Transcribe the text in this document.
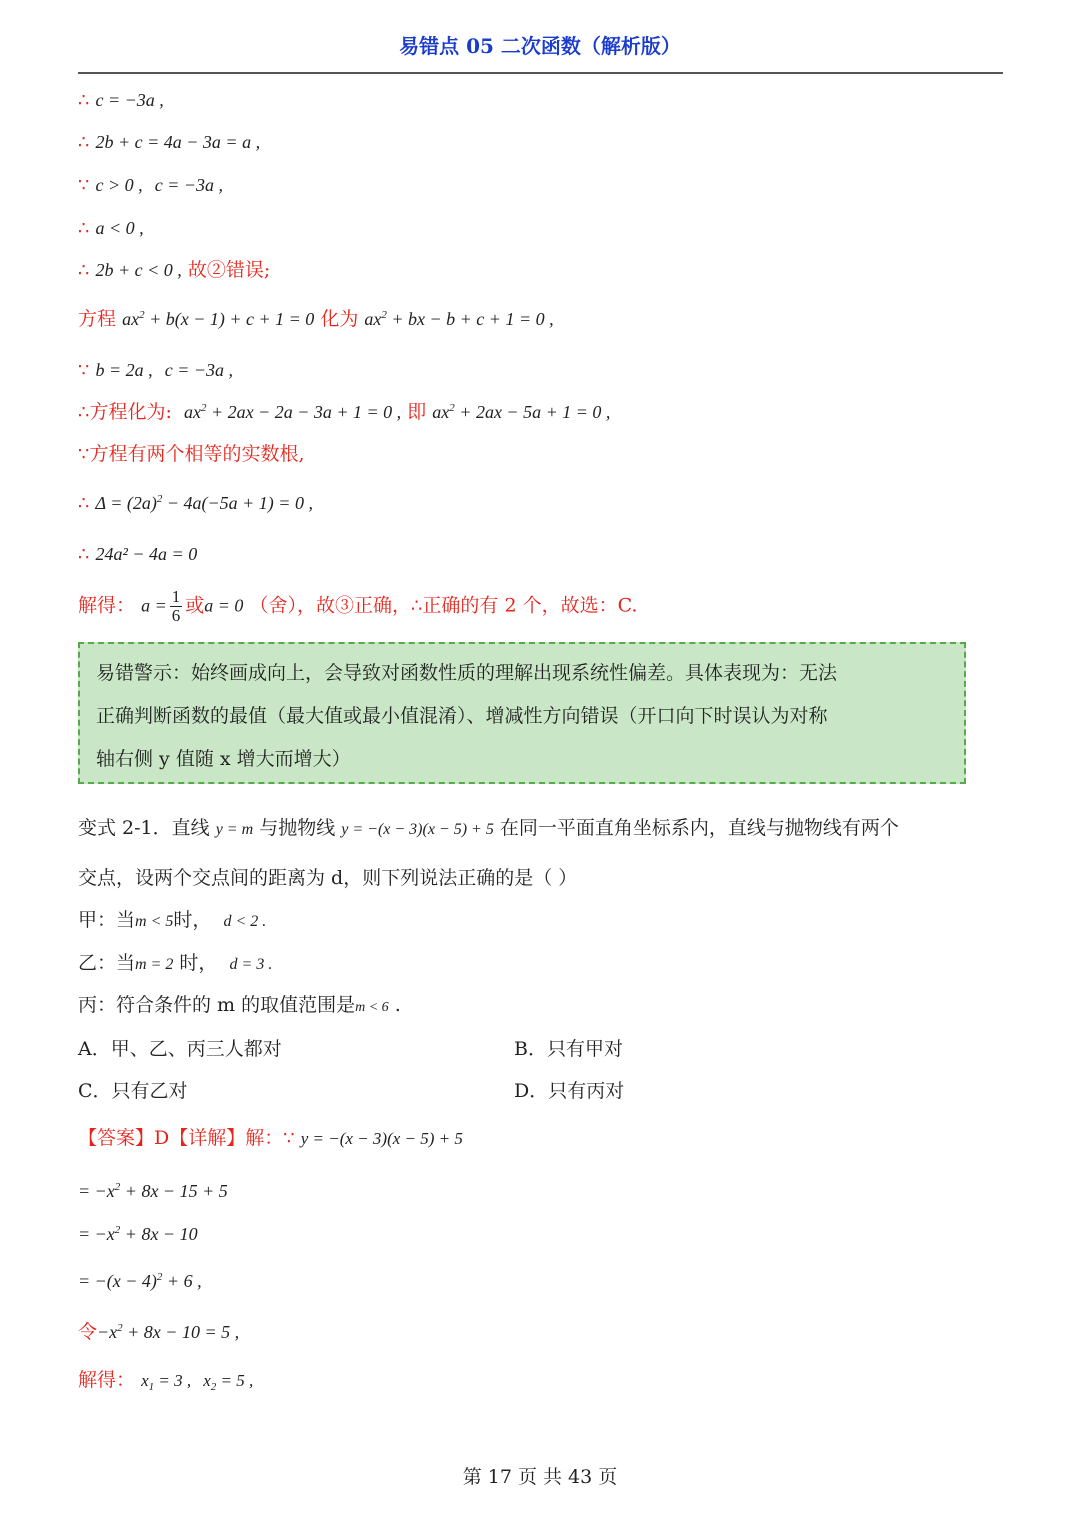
易错点 05 二次函数（解析版）
∴ c = −3a ,
∴ 2b + c = 4a − 3a = a ,
∵ c > 0 , c = −3a ,
∴ a < 0 ,
∴ 2b + c < 0 , 故②错误;
方程 $ax^2 + b(x - 1) + c + 1 = 0$ 化为 $ax^2$ + bx − b + c + 1 = 0 ,
∵ b = 2a , c = −3a ,
∴方程化为: $ax^2 + 2ax - 2a - 3a + 1 = 0$ , 即 $ax^2 + 2ax - 5a + 1 = 0$ ,
∵方程有两个相等的实数根,
∴ $\Delta = (2a)^2 - 4a(-5a + 1) = 0$ ,
∴ 24a² − 4a = 0
解得： $a = \frac{1}{6}$ 或a = 0 （舍），故③正确，∴正确的有 2 个，故选：C.
易错警示：始终画成向上，会导致对函数性质的理解出现系统性偏差。具体表现为：无法
正确判断函数的最值（最大值或最小值混淆）、增减性方向错误（开口向下时误认为对称
轴右侧 y 值随 x 增大而增大）
变式 2-1．直线 y = m 与抛物线 y = −(x − 3)(x − 5) + 5 在同一平面直角坐标系内，直线与抛物线有两个
交点，设两个交点间的距离为 d，则下列说法正确的是（ ）
甲：当m < 5时， d < 2 .
乙：当m = 2 时， d = 3 .
丙：符合条件的 m 的取值范围是m < 6 .
A．甲、乙、丙三人都对	B．只有甲对
C．只有乙对	D．只有丙对
【答案】D【详解】解：∵ y = −(x − 3)(x − 5) + 5
= $-x^2 + 8x - 15 + 5$
= $-x^2 + 8x - 10$
= $-(x - 4)^2 + 6$ ,
令$-x^2 + 8x - 10 = 5$ ,
解得： $x_1 = 3$ , $x_2 = 5$ ,
第 17 页 共 43 页
